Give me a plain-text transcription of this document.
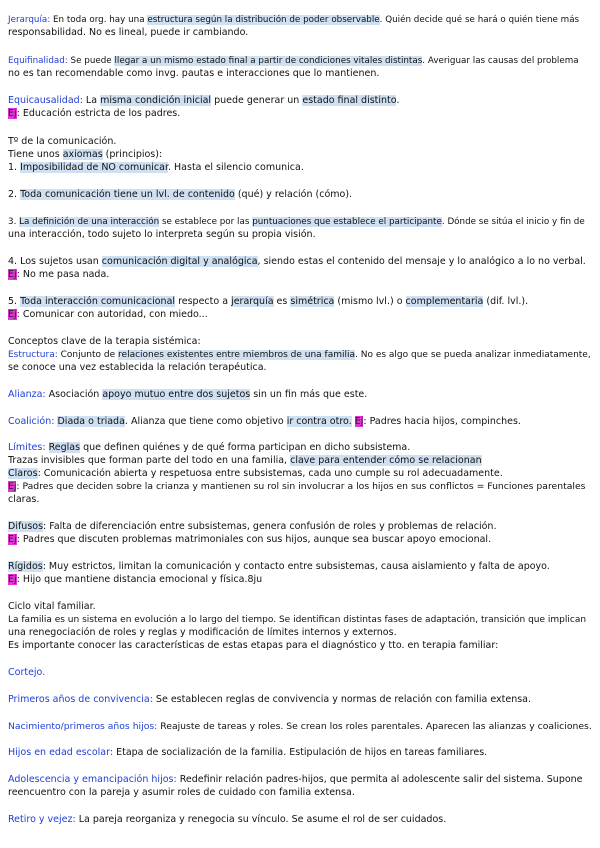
Jerarquía: En toda org. hay una estructura según la distribución de poder observable. Quién decide qué se hará o quién tiene más
responsabilidad. No es lineal, puede ir cambiando.
Equifinalidad: Se puede llegar a un mismo estado final a partir de condiciones vitales distintas. Averiguar las causas del problema
no es tan recomendable como invg. pautas e interacciones que lo mantienen.
Equicausalidad: La misma condición inicial puede generar un estado final distinto.
Ej: Educación estricta de los padres.
Tº de la comunicación.
Tiene unos axiomas (principios):
1. Imposibilidad de NO comunicar. Hasta el silencio comunica.
2. Toda comunicación tiene un lvl. de contenido (qué) y relación (cómo).
3. La definición de una interacción se establece por las puntuaciones que establece el participante. Dónde se sitúa el inicio y fin de
una interacción, todo sujeto lo interpreta según su propia visión.
4. Los sujetos usan comunicación digital y analógica, siendo estas el contenido del mensaje y lo analógico a lo no verbal.
Ej: No me pasa nada.
5. Toda interacción comunicacional respecto a jerarquía es simétrica (mismo lvl.) o complementaria (dif. lvl.).
Ej: Comunicar con autoridad, con miedo...
Conceptos clave de la terapia sistémica:
Estructura: Conjunto de relaciones existentes entre miembros de una familia. No es algo que se pueda analizar inmediatamente,
se conoce una vez establecida la relación terapéutica.
Alianza: Asociación apoyo mutuo entre dos sujetos sin un fin más que este.
Coalición: Diada o triada. Alianza que tiene como objetivo ir contra otro. Ej: Padres hacia hijos, compinches.
Límites: Reglas que definen quiénes y de qué forma participan en dicho subsistema.
Trazas invisibles que forman parte del todo en una familia, clave para entender cómo se relacionan
Claros: Comunicación abierta y respetuosa entre subsistemas, cada uno cumple su rol adecuadamente.
Ej: Padres que deciden sobre la crianza y mantienen su rol sin involucrar a los hijos en sus conflictos = Funciones parentales
claras.
Difusos: Falta de diferenciación entre subsistemas, genera confusión de roles y problemas de relación.
Ej: Padres que discuten problemas matrimoniales con sus hijos, aunque sea buscar apoyo emocional.
Rígidos: Muy estrictos, limitan la comunicación y contacto entre subsistemas, causa aislamiento y falta de apoyo.
Ej: Hijo que mantiene distancia emocional y física.8ju
Ciclo vital familiar.
La familia es un sistema en evolución a lo largo del tiempo. Se identifican distintas fases de adaptación, transición que implican
una renegociación de roles y reglas y modificación de límites internos y externos.
Es importante conocer las características de estas etapas para el diagnóstico y tto. en terapia familiar:
Cortejo.
Primeros años de convivencia: Se establecen reglas de convivencia y normas de relación con familia extensa.
Nacimiento/primeros años hijos: Reajuste de tareas y roles. Se crean los roles parentales. Aparecen las alianzas y coaliciones.
Hijos en edad escolar: Etapa de socialización de la familia. Estipulación de hijos en tareas familiares.
Adolescencia y emancipación hijos: Redefinir relación padres-hijos, que permita al adolescente salir del sistema. Supone
reencuentro con la pareja y asumir roles de cuidado con familia extensa.
Retiro y vejez: La pareja reorganiza y renegocia su vínculo. Se asume el rol de ser cuidados.
